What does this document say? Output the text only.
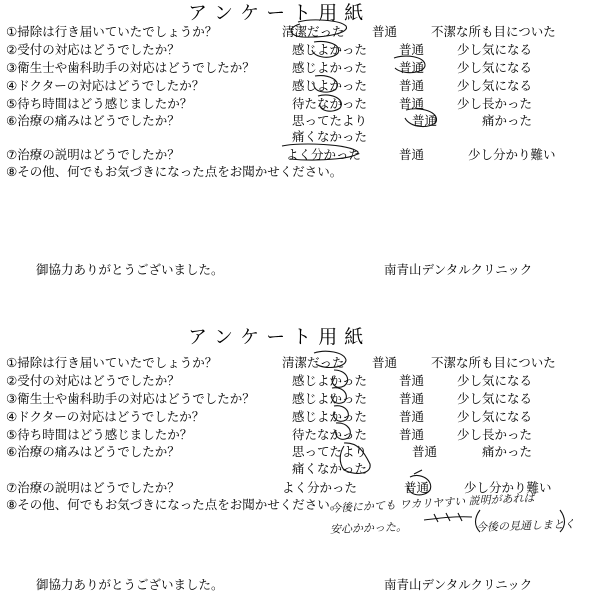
ア ン ケ ー ト 用 紙
①掃除は行き届いていたでしょうか？	清潔だった 普通	不潔な所も目についた
②受付の対応はどうでしたか？	感じよかった	普通	少し気になる
③衛生士や歯科助手の対応はどうでしたか？	感じよかった	普通	少し気になる
④ドクターの対応はどうでしたか？	感じよかった	普通	少し気になる
⑤待ち時間はどう感じましたか？	待たなかった	普通	少し長かった
⑥治療の痛みはどうでしたか？	思ってたより	普通	痛かった
痛くなかった
⑦治療の説明はどうでしたか？	よく分かった	普通	少し分かり難い
⑧その他、何でもお気づきになった点をお聞かせください。
御協力ありがとうございました。	南青山デンタルクリニック
ア ン ケ ー ト 用 紙
①掃除は行き届いていたでしょうか？	清潔だった 普通	不潔な所も目についた
②受付の対応はどうでしたか？	感じよかった	普通	少し気になる
③衛生士や歯科助手の対応はどうでしたか？	感じよかった	普通	少し気になる
④ドクターの対応はどうでしたか？	感じよかった	普通	少し気になる
⑤待ち時間はどう感じましたか？	待たなかった	普通	少し長かった
⑥治療の痛みはどうでしたか？	思ってたより	普通	痛かった
痛くなかった
⑦治療の説明はどうでしたか？	よく分かった	普通	少し分かり難い
⑧その他、何でもお気づきになった点をお聞かせください。
今後にかても ワカリヤすい 説明があれば
安心かかった。	今後の見通しまとく
御協力ありがとうございました。	南青山デンタルクリニック
